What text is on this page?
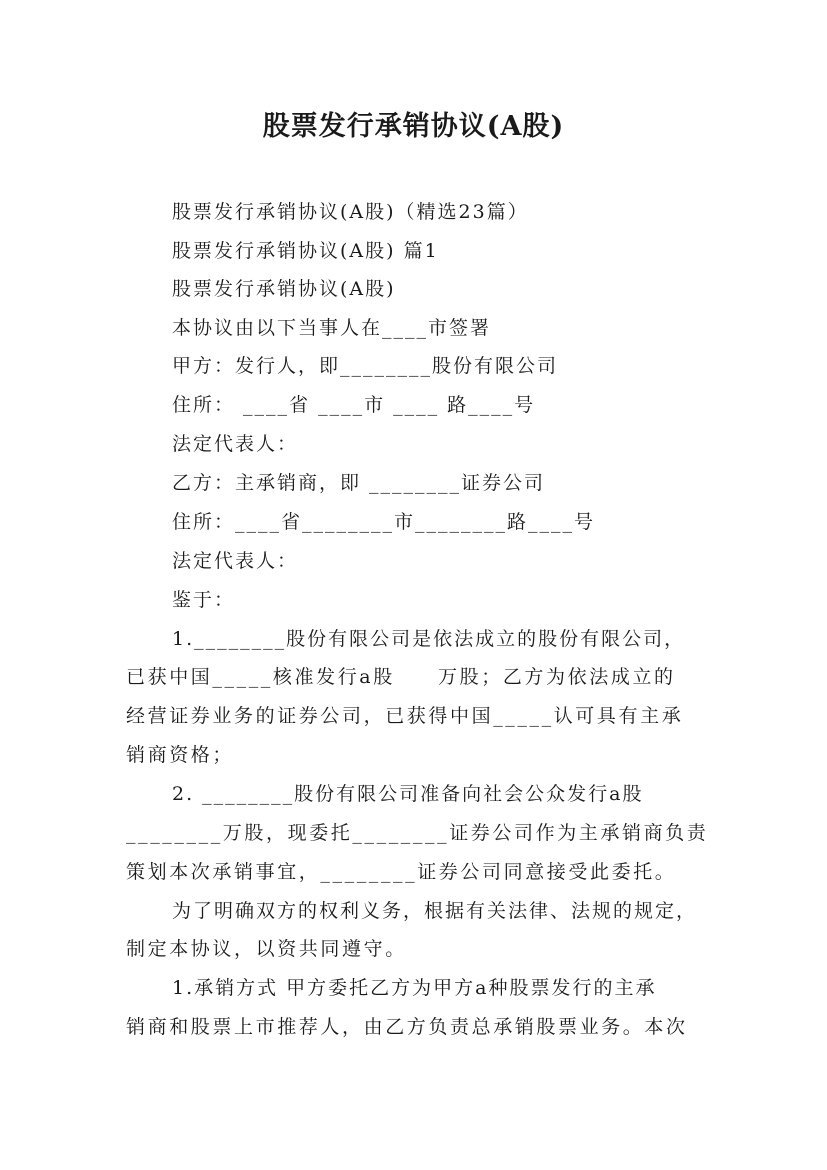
股票发行承销协议(A股)
股票发行承销协议(A股)（精选23篇）
股票发行承销协议(A股) 篇1
股票发行承销协议(A股)
本协议由以下当事人在____市签署
甲方：发行人，即________股份有限公司
住所： ____省 ____市 ____ 路____号
法定代表人：
乙方：主承销商，即 ________证券公司
住所：____省________市________路____号
法定代表人：
鉴于：
1.________股份有限公司是依法成立的股份有限公司，
已获中国_____核准发行a股　　万股；乙方为依法成立的
经营证券业务的证券公司，已获得中国_____认可具有主承
销商资格；
2. ________股份有限公司准备向社会公众发行a股
________万股，现委托________证券公司作为主承销商负责
策划本次承销事宜，________证券公司同意接受此委托。
为了明确双方的权利义务，根据有关法律、法规的规定，
制定本协议，以资共同遵守。
1.承销方式 甲方委托乙方为甲方a种股票发行的主承
销商和股票上市推荐人，由乙方负责总承销股票业务。本次
